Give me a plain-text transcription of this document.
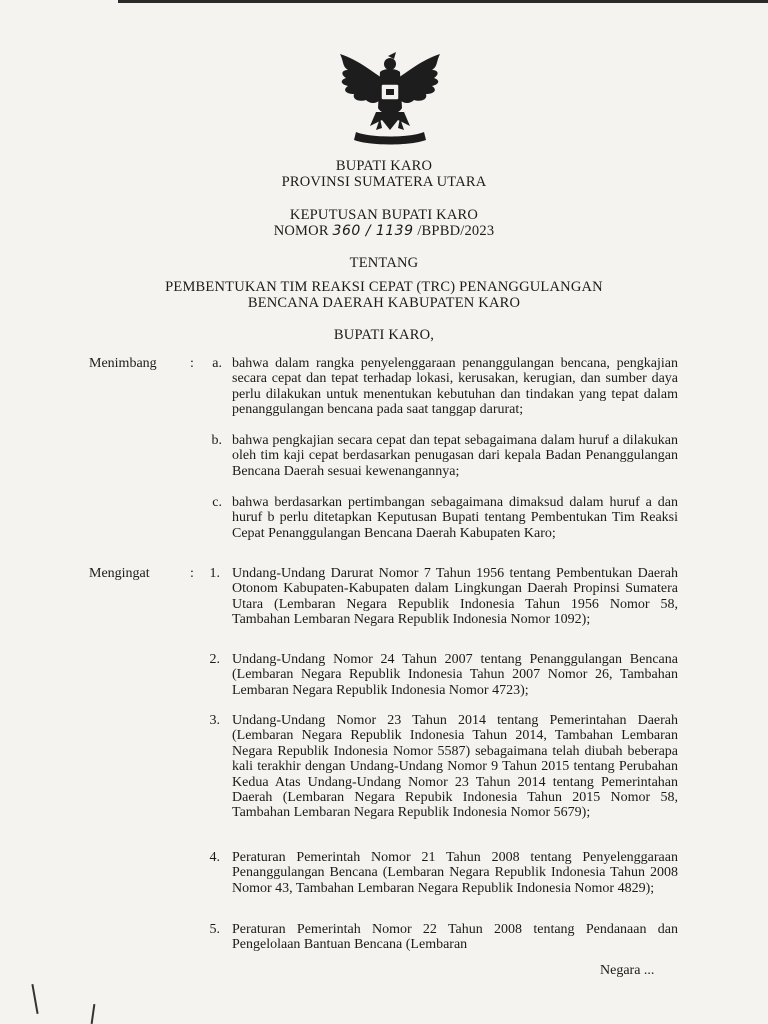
BUPATI KARO
PROVINSI SUMATERA UTARA
KEPUTUSAN BUPATI KARO
NOMOR 360 / 1139 /BPBD/2023
TENTANG
PEMBENTUKAN TIM REAKSI CEPAT (TRC) PENANGGULANGAN
BENCANA DAERAH KABUPATEN KARO
BUPATI KARO,
Menimbang :	a. bahwa dalam rangka penyelenggaraan penanggulangan bencana, pengkajian secara cepat dan tepat terhadap lokasi, kerusakan, kerugian, dan sumber daya perlu dilakukan untuk menentukan kebutuhan dan tindakan yang tepat dalam penanggulangan bencana pada saat tanggap darurat;
b. bahwa pengkajian secara cepat dan tepat sebagaimana dalam huruf a dilakukan oleh tim kaji cepat berdasarkan penugasan dari kepala Badan Penanggulangan Bencana Daerah sesuai kewenangannya;
c. bahwa berdasarkan pertimbangan sebagaimana dimaksud dalam huruf a dan huruf b perlu ditetapkan Keputusan Bupati tentang Pembentukan Tim Reaksi Cepat Penanggulangan Bencana Daerah Kabupaten Karo;
Mengingat	:	1. Undang-Undang Darurat Nomor 7 Tahun 1956 tentang Pembentukan Daerah Otonom Kabupaten-Kabupaten dalam Lingkungan Daerah Propinsi Sumatera Utara (Lembaran Negara Republik Indonesia Tahun 1956 Nomor 58, Tambahan Lembaran Negara Republik Indonesia Nomor 1092);
2. Undang-Undang Nomor 24 Tahun 2007 tentang Penanggulangan Bencana (Lembaran Negara Republik Indonesia Tahun 2007 Nomor 26, Tambahan Lembaran Negara Republik Indonesia Nomor 4723);
3. Undang-Undang Nomor 23 Tahun 2014 tentang Pemerintahan Daerah (Lembaran Negara Republik Indonesia Tahun 2014, Tambahan Lembaran Negara Republik Indonesia Nomor 5587) sebagaimana telah diubah beberapa kali terakhir dengan Undang-Undang Nomor 9 Tahun 2015 tentang Perubahan Kedua Atas Undang-Undang Nomor 23 Tahun 2014 tentang Pemerintahan Daerah (Lembaran Negara Repubik Indonesia Tahun 2015 Nomor 58, Tambahan Lembaran Negara Republik Indonesia Nomor 5679);
4. Peraturan Pemerintah Nomor 21 Tahun 2008 tentang Penyelenggaraan Penanggulangan Bencana (Lembaran Negara Republik Indonesia Tahun 2008 Nomor 43, Tambahan Lembaran Negara Republik Indonesia Nomor 4829);
5. Peraturan Pemerintah Nomor 22 Tahun 2008 tentang Pendanaan dan Pengelolaan Bantuan Bencana (Lembaran
Negara ...
